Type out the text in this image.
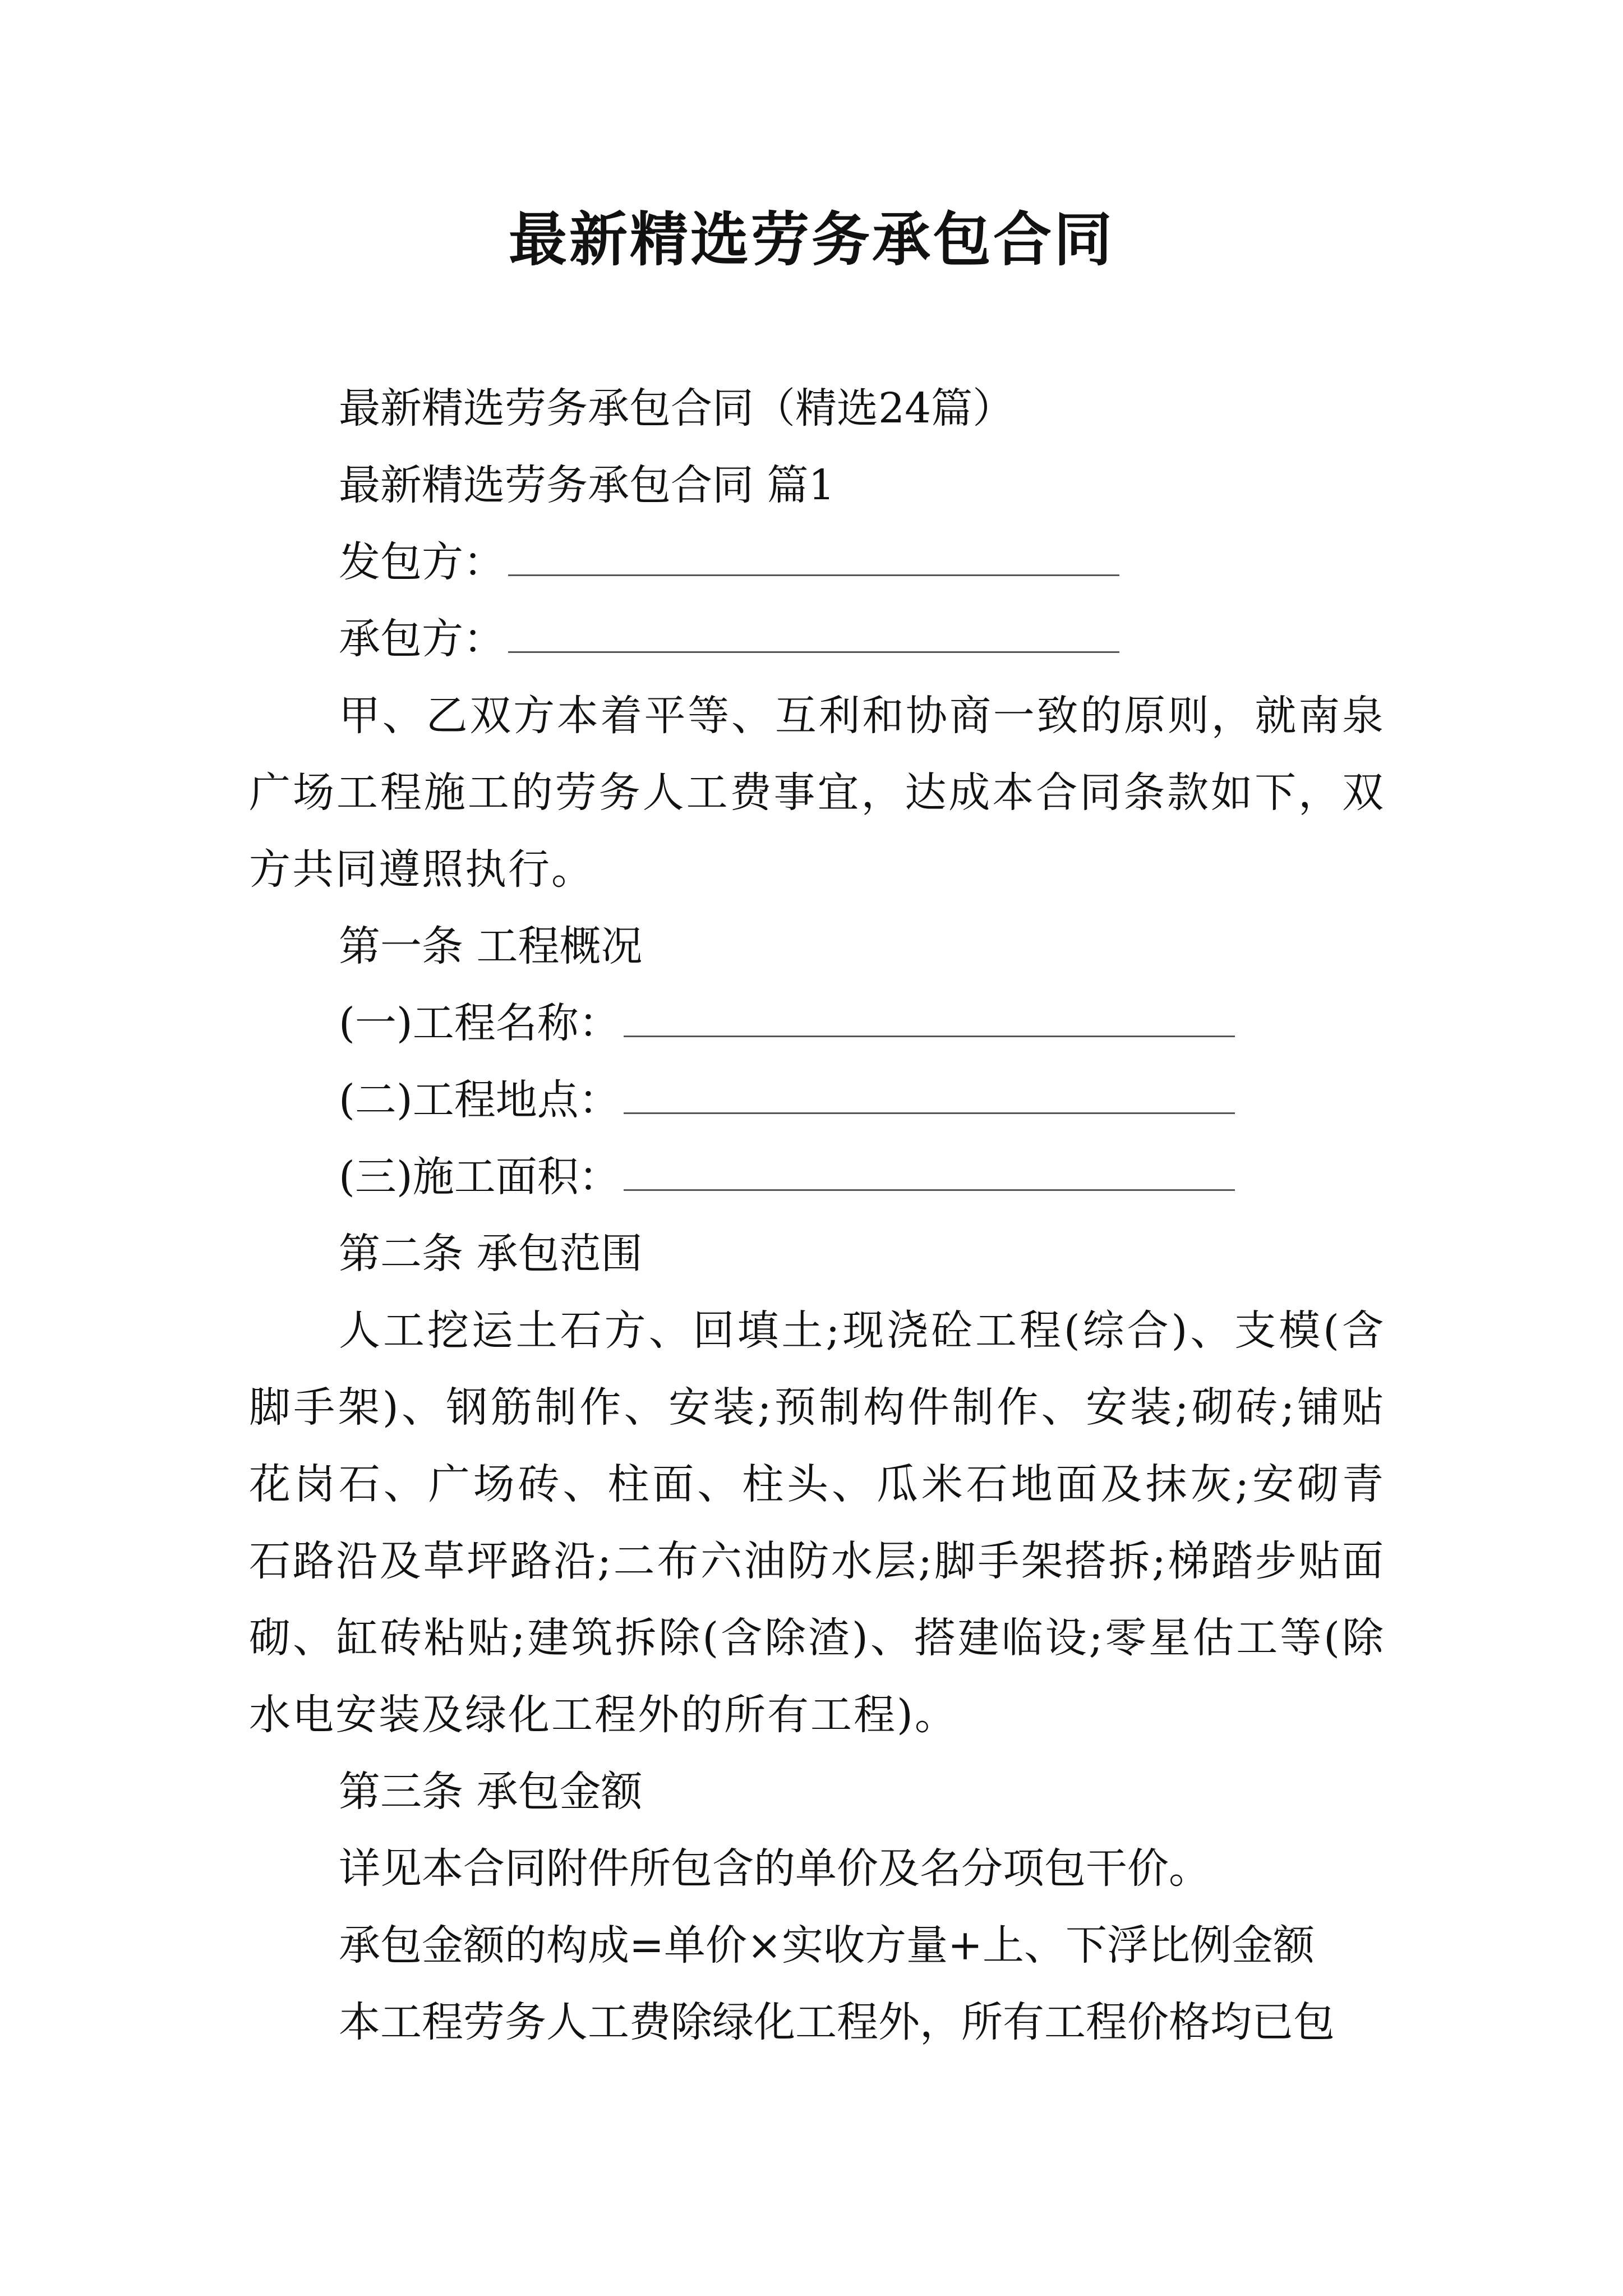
最新精选劳务承包合同

最新精选劳务承包合同（精选24篇）

最新精选劳务承包合同 篇1

发包方：

承包方：

甲、乙双方本着平等、互利和协商一致的原则，就南泉广场工程施工的劳务人工费事宜，达成本合同条款如下，双方共同遵照执行。

第一条 工程概况

(一)工程名称：

(二)工程地点：

(三)施工面积：

第二条 承包范围

人工挖运土石方、回填土;现浇砼工程(综合)、支模(含脚手架)、钢筋制作、安装;预制构件制作、安装;砌砖;铺贴花岗石、广场砖、柱面、柱头、瓜米石地面及抹灰;安砌青石路沿及草坪路沿;二布六油防水层;脚手架搭拆;梯踏步贴面砌、缸砖粘贴;建筑拆除(含除渣)、搭建临设;零星估工等(除水电安装及绿化工程外的所有工程)。

第三条 承包金额

详见本合同附件所包含的单价及名分项包干价。

承包金额的构成=单价×实收方量+上、下浮比例金额

本工程劳务人工费除绿化工程外，所有工程价格均已包
